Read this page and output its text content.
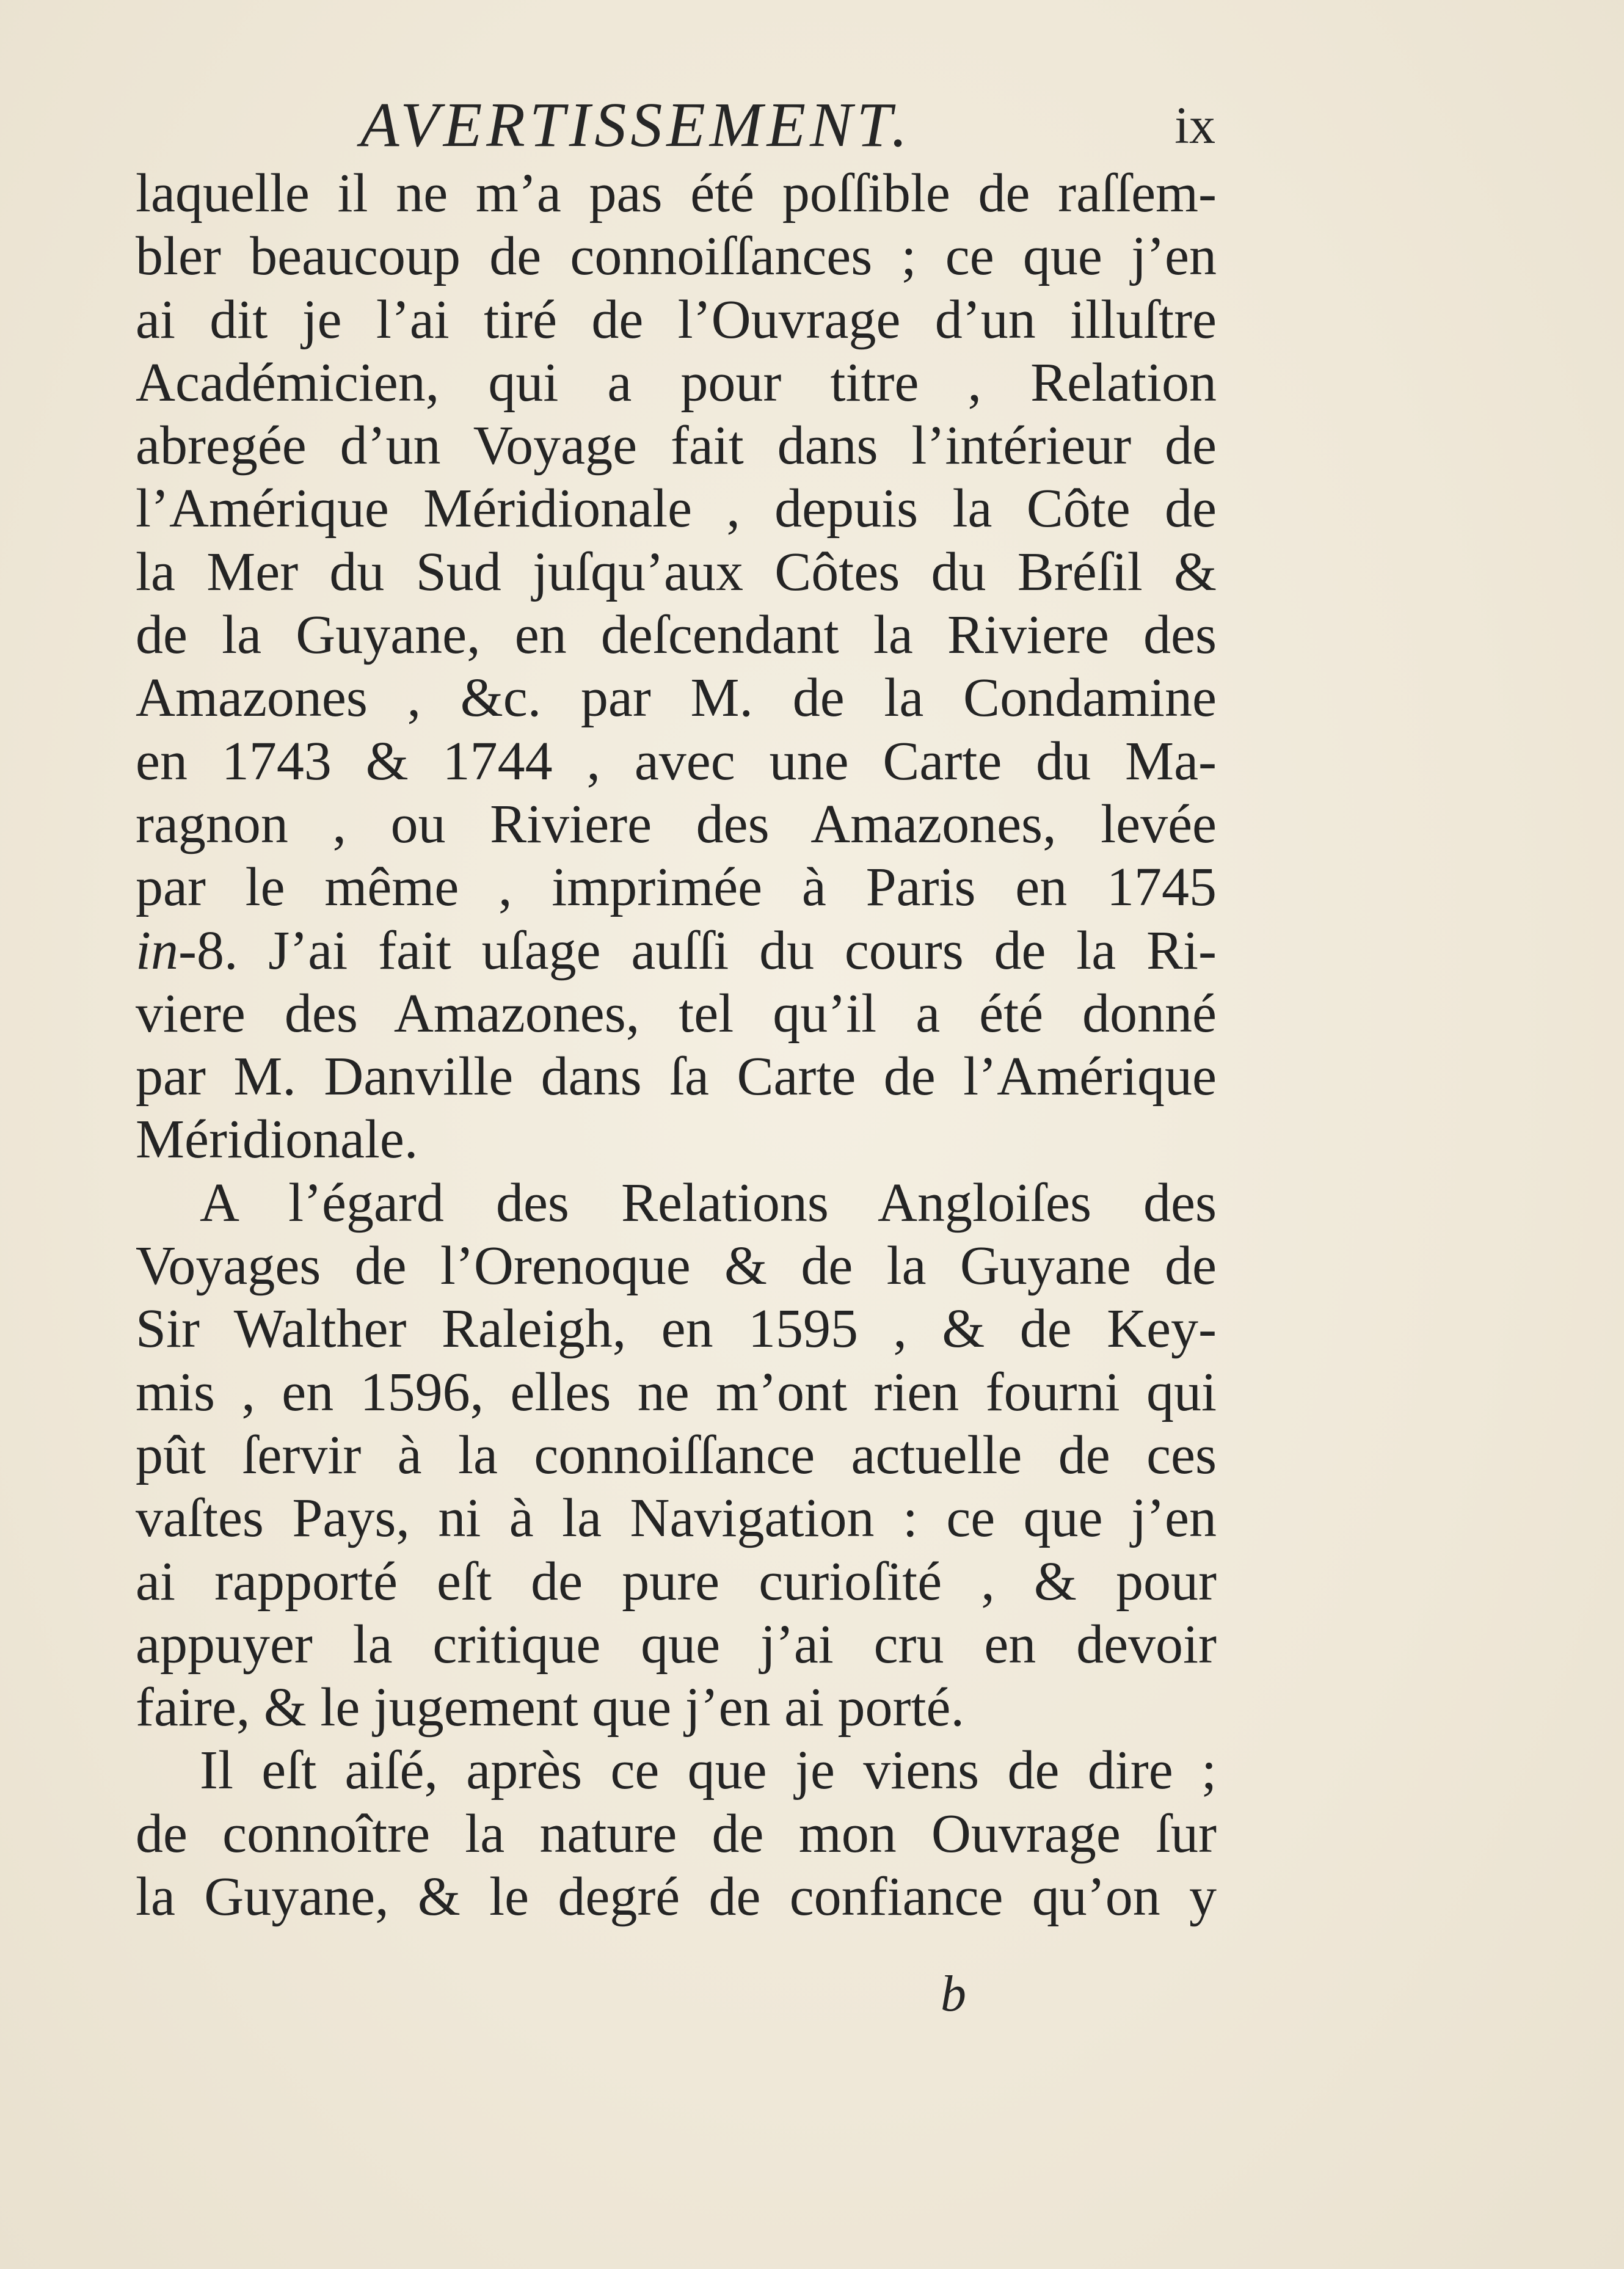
AVERTISSEMENT.	ix
laquelle il ne m’a pas été poſſible de raſſem-
bler beaucoup de connoiſſances ; ce que j’en
ai dit je l’ai tiré de l’Ouvrage d’un illuſtre
Académicien, qui a pour titre , Relation
abregée d’un Voyage fait dans l’intérieur de
l’Amérique Méridionale , depuis la Côte de
la Mer du Sud juſqu’aux Côtes du Bréſil &
de la Guyane, en deſcendant la Riviere des
Amazones , &c. par M. de la Condamine
en 1743 & 1744 , avec une Carte du Ma-
ragnon , ou Riviere des Amazones, levée
par le même , imprimée à Paris en 1745
in-8. J’ai fait uſage auſſi du cours de la Ri-
viere des Amazones, tel qu’il a été donné
par M. Danville dans ſa Carte de l’Amérique
Méridionale.
A l’égard des Relations Angloiſes des
Voyages de l’Orenoque & de la Guyane de
Sir Walther Raleigh, en 1595 , & de Key-
mis , en 1596, elles ne m’ont rien fourni qui
pût ſervir à la connoiſſance actuelle de ces
vaſtes Pays, ni à la Navigation : ce que j’en
ai rapporté eſt de pure curioſité , & pour
appuyer la critique que j’ai cru en devoir
faire, & le jugement que j’en ai porté.
Il eſt aiſé, après ce que je viens de dire ;
de connoître la nature de mon Ouvrage ſur
la Guyane, & le degré de confiance qu’on y
b
